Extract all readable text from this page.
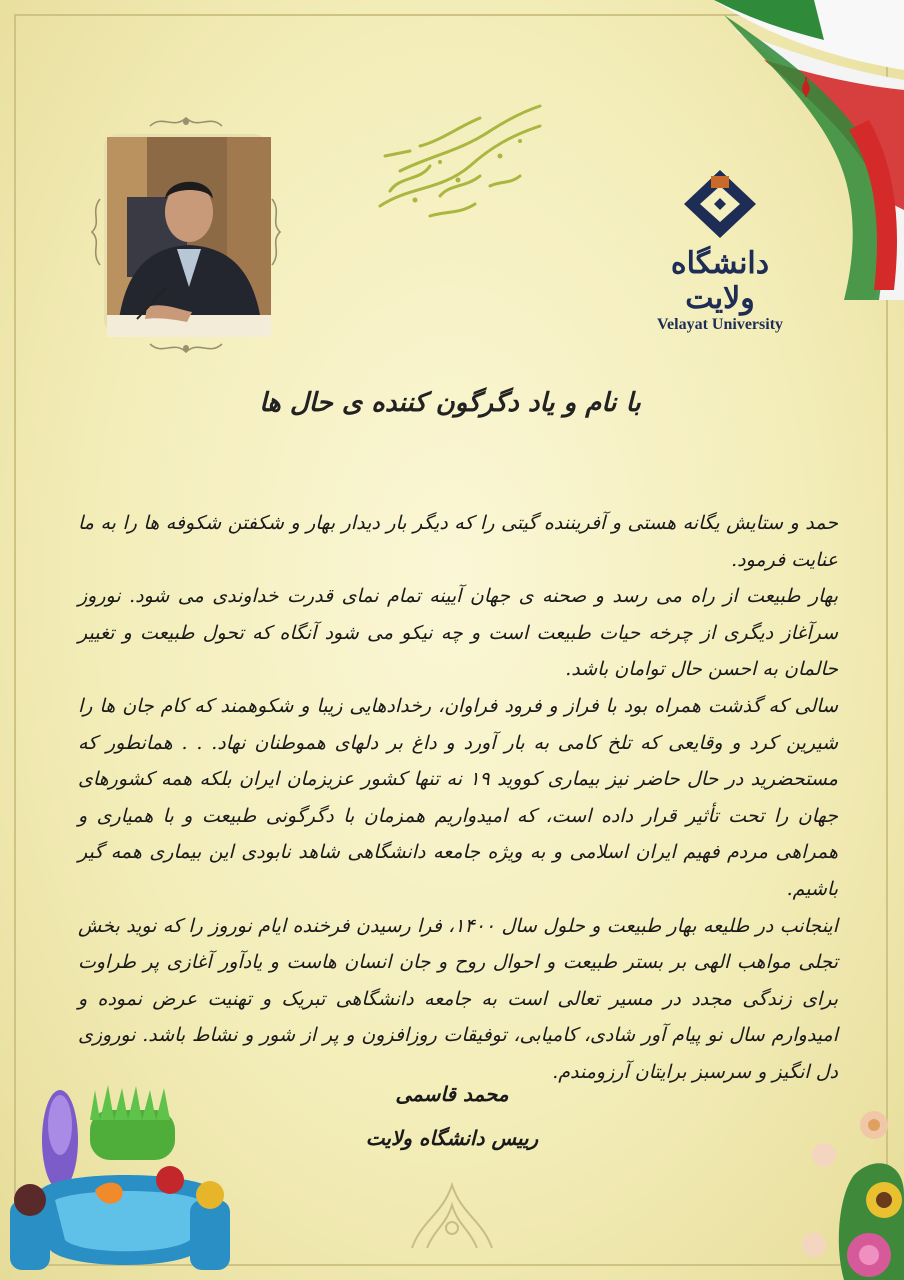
یا مقلب القلوب و الابصار
دانشگاه ولایت
Velayat University
با نام و یاد دگرگون کننده ی حال ها

حمد و ستایش یگانه هستی و آفریننده گیتی را که دیگر بار دیدار بهار و شکفتن شکوفه ها را به ما عنایت فرمود.

بهار طبیعت از راه می رسد و صحنه ی جهان آیینه تمام نمای قدرت خداوندی می شود. نوروز سرآغاز دیگری از چرخه حیات طبیعت است و چه نیکو می شود آنگاه که تحول طبیعت و تغییر حالمان به احسن حال توامان باشد.

سالی که گذشت همراه بود با فراز و فرود فراوان، رخدادهایی زیبا و شکوهمند که کام جان ها را شیرین کرد و وقایعی که تلخ کامی به بار آورد و داغ بر دلهای هموطنان نهاد. . . همانطور که مستحضرید در حال حاضر نیز بیماری کووید ۱۹ نه تنها کشور عزیزمان ایران بلکه همه کشورهای جهان را تحت تأثیر قرار داده است، که امیدواریم همزمان با دگرگونی طبیعت و با همیاری و همراهی مردم فهیم ایران اسلامی و به ویژه جامعه دانشگاهی شاهد نابودی این بیماری همه گیر باشیم.

اینجانب در طلیعه بهار طبیعت و حلول سال ۱۴۰۰، فرا رسیدن فرخنده ایام نوروز را که نوید بخش تجلی مواهب الهی بر بستر طبیعت و احوال روح و جان انسان هاست و یادآور آغازی پر طراوت برای زندگی مجدد در مسیر تعالی است به جامعه دانشگاهی تبریک و تهنیت عرض نموده و امیدوارم سال نو پیام آور شادی، کامیابی، توفیقات روزافزون و پر از شور و نشاط باشد. نوروزی دل انگیز و سرسبز برایتان آرزومندم.

محمد قاسمی
رییس دانشگاه ولایت
